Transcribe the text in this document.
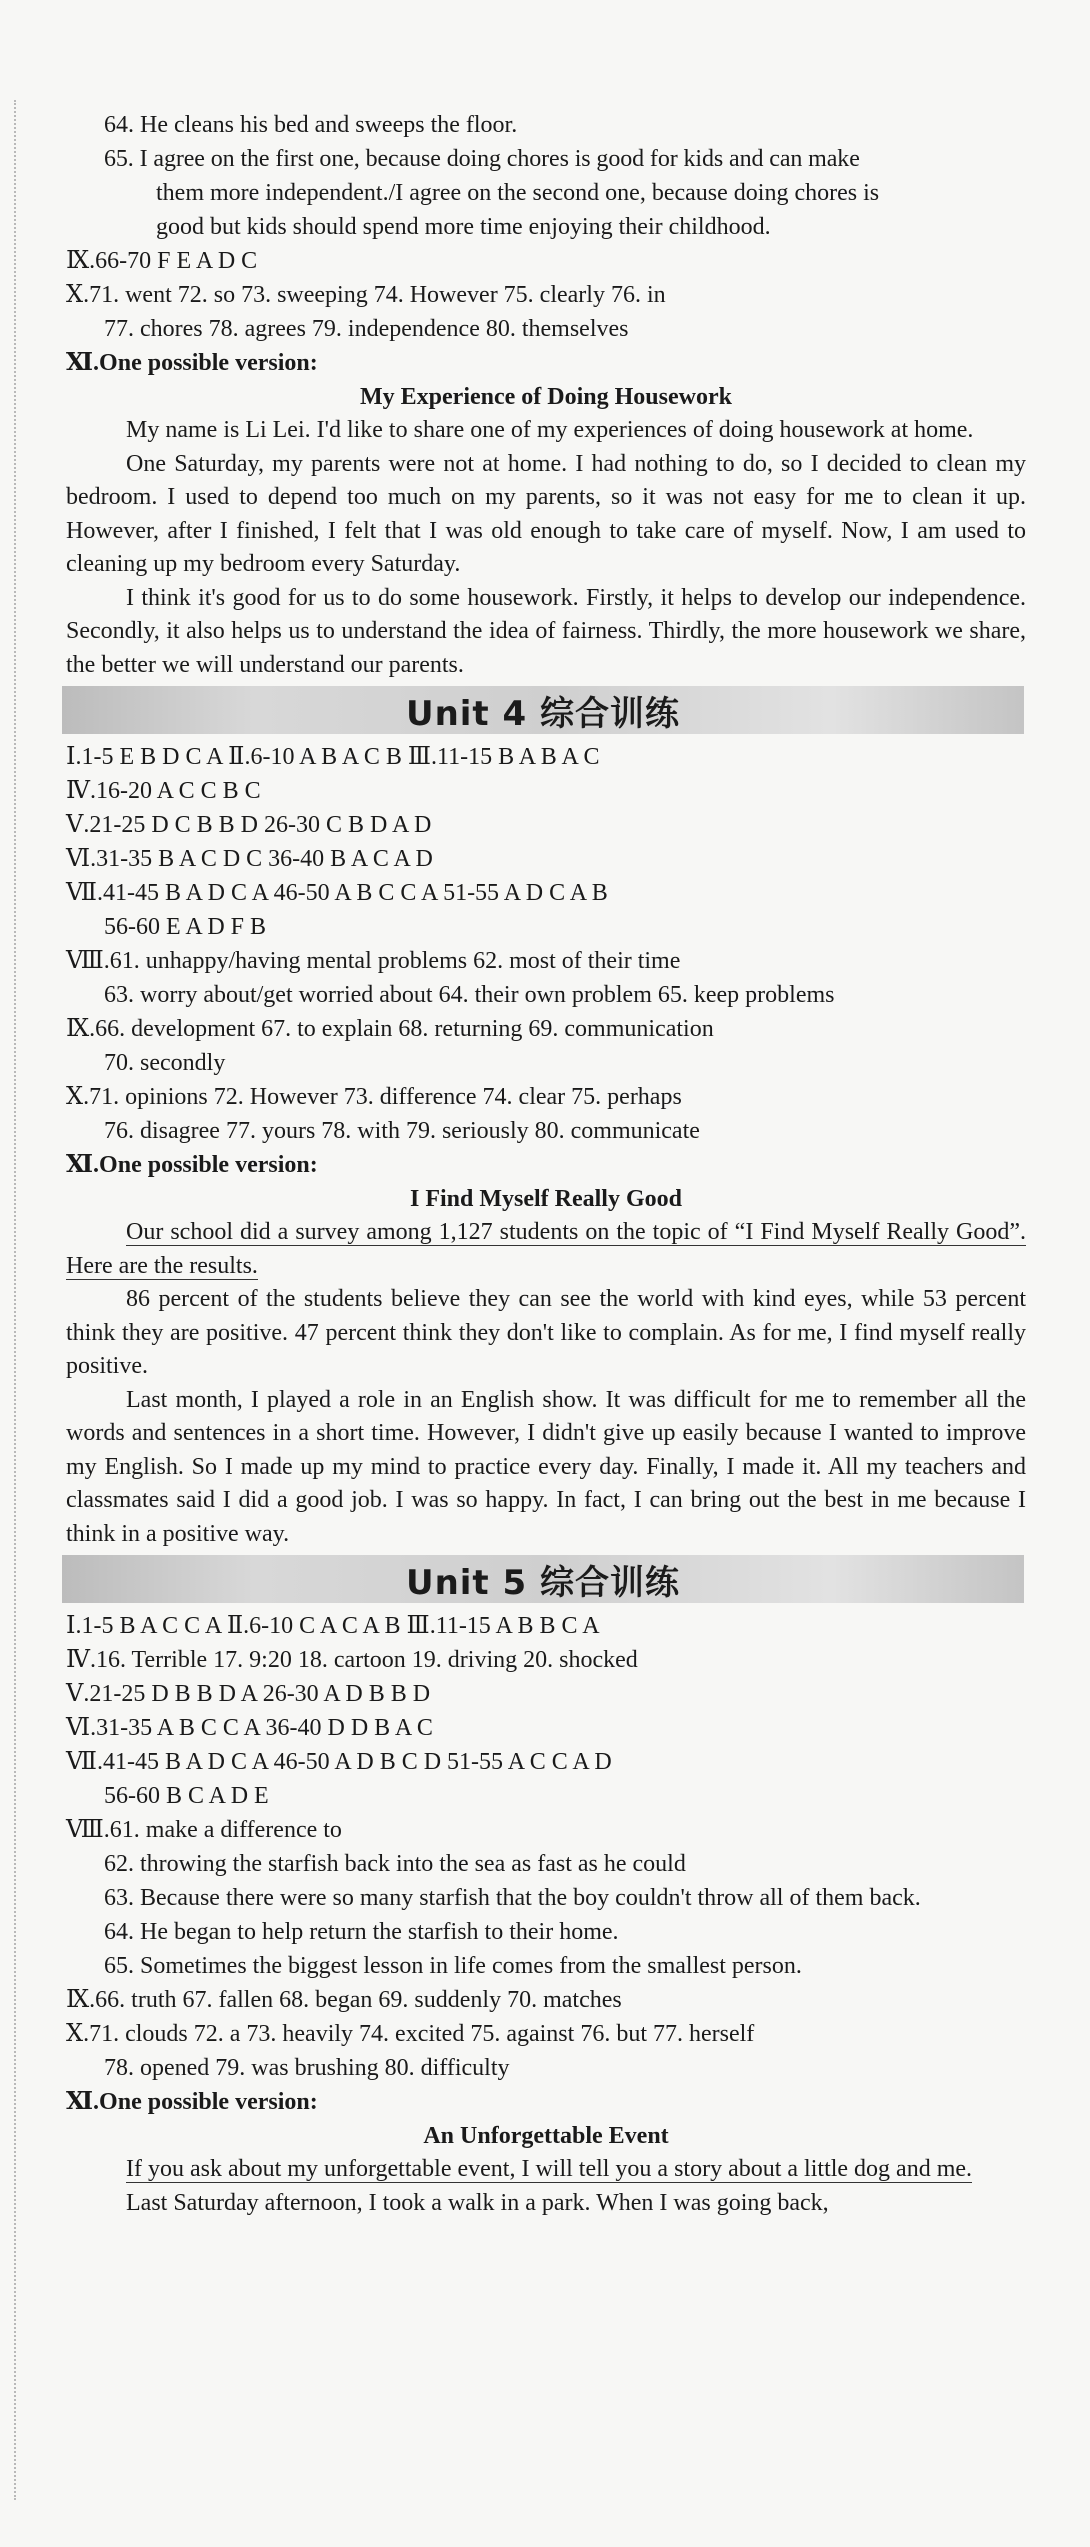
64. He cleans his bed and sweeps the floor.
65. I agree on the first one, because doing chores is good for kids and can make
them more independent./I agree on the second one, because doing chores is
good but kids should spend more time enjoying their childhood.
Ⅸ.66-70 F E A D C
Ⅹ.71. went 72. so 73. sweeping 74. However 75. clearly 76. in
77. chores 78. agrees 79. independence 80. themselves
Ⅺ.One possible version:
My Experience of Doing Housework
My name is Li Lei. I'd like to share one of my experiences of doing housework at home.
One Saturday, my parents were not at home. I had nothing to do, so I decided to clean my bedroom. I used to depend too much on my parents, so it was not easy for me to clean it up. However, after I finished, I felt that I was old enough to take care of myself. Now, I am used to cleaning up my bedroom every Saturday.
I think it's good for us to do some housework. Firstly, it helps to develop our independence. Secondly, it also helps us to understand the idea of fairness. Thirdly, the more housework we share, the better we will understand our parents.
Unit 4 综合训练
Ⅰ.1-5 E B D C A Ⅱ.6-10 A B A C B Ⅲ.11-15 B A B A C
Ⅳ.16-20 A C C B C
Ⅴ.21-25 D C B B D 26-30 C B D A D
Ⅵ.31-35 B A C D C 36-40 B A C A D
Ⅶ.41-45 B A D C A 46-50 A B C C A 51-55 A D C A B
56-60 E A D F B
Ⅷ.61. unhappy/having mental problems 62. most of their time
63. worry about/get worried about 64. their own problem 65. keep problems
Ⅸ.66. development 67. to explain 68. returning 69. communication
70. secondly
Ⅹ.71. opinions 72. However 73. difference 74. clear 75. perhaps
76. disagree 77. yours 78. with 79. seriously 80. communicate
Ⅺ.One possible version:
I Find Myself Really Good
Our school did a survey among 1,127 students on the topic of “I Find Myself Really Good”. Here are the results.
86 percent of the students believe they can see the world with kind eyes, while 53 percent think they are positive. 47 percent think they don't like to complain. As for me, I find myself really positive.
Last month, I played a role in an English show. It was difficult for me to remember all the words and sentences in a short time. However, I didn't give up easily because I wanted to improve my English. So I made up my mind to practice every day. Finally, I made it. All my teachers and classmates said I did a good job. I was so happy. In fact, I can bring out the best in me because I think in a positive way.
Unit 5 综合训练
Ⅰ.1-5 B A C C A Ⅱ.6-10 C A C A B Ⅲ.11-15 A B B C A
Ⅳ.16. Terrible 17. 9:20 18. cartoon 19. driving 20. shocked
Ⅴ.21-25 D B B D A 26-30 A D B B D
Ⅵ.31-35 A B C C A 36-40 D D B A C
Ⅶ.41-45 B A D C A 46-50 A D B C D 51-55 A C C A D
56-60 B C A D E
Ⅷ.61. make a difference to
62. throwing the starfish back into the sea as fast as he could
63. Because there were so many starfish that the boy couldn't throw all of them back.
64. He began to help return the starfish to their home.
65. Sometimes the biggest lesson in life comes from the smallest person.
Ⅸ.66. truth 67. fallen 68. began 69. suddenly 70. matches
Ⅹ.71. clouds 72. a 73. heavily 74. excited 75. against 76. but 77. herself
78. opened 79. was brushing 80. difficulty
Ⅺ.One possible version:
An Unforgettable Event
If you ask about my unforgettable event, I will tell you a story about a little dog and me.
Last Saturday afternoon, I took a walk in a park. When I was going back,
